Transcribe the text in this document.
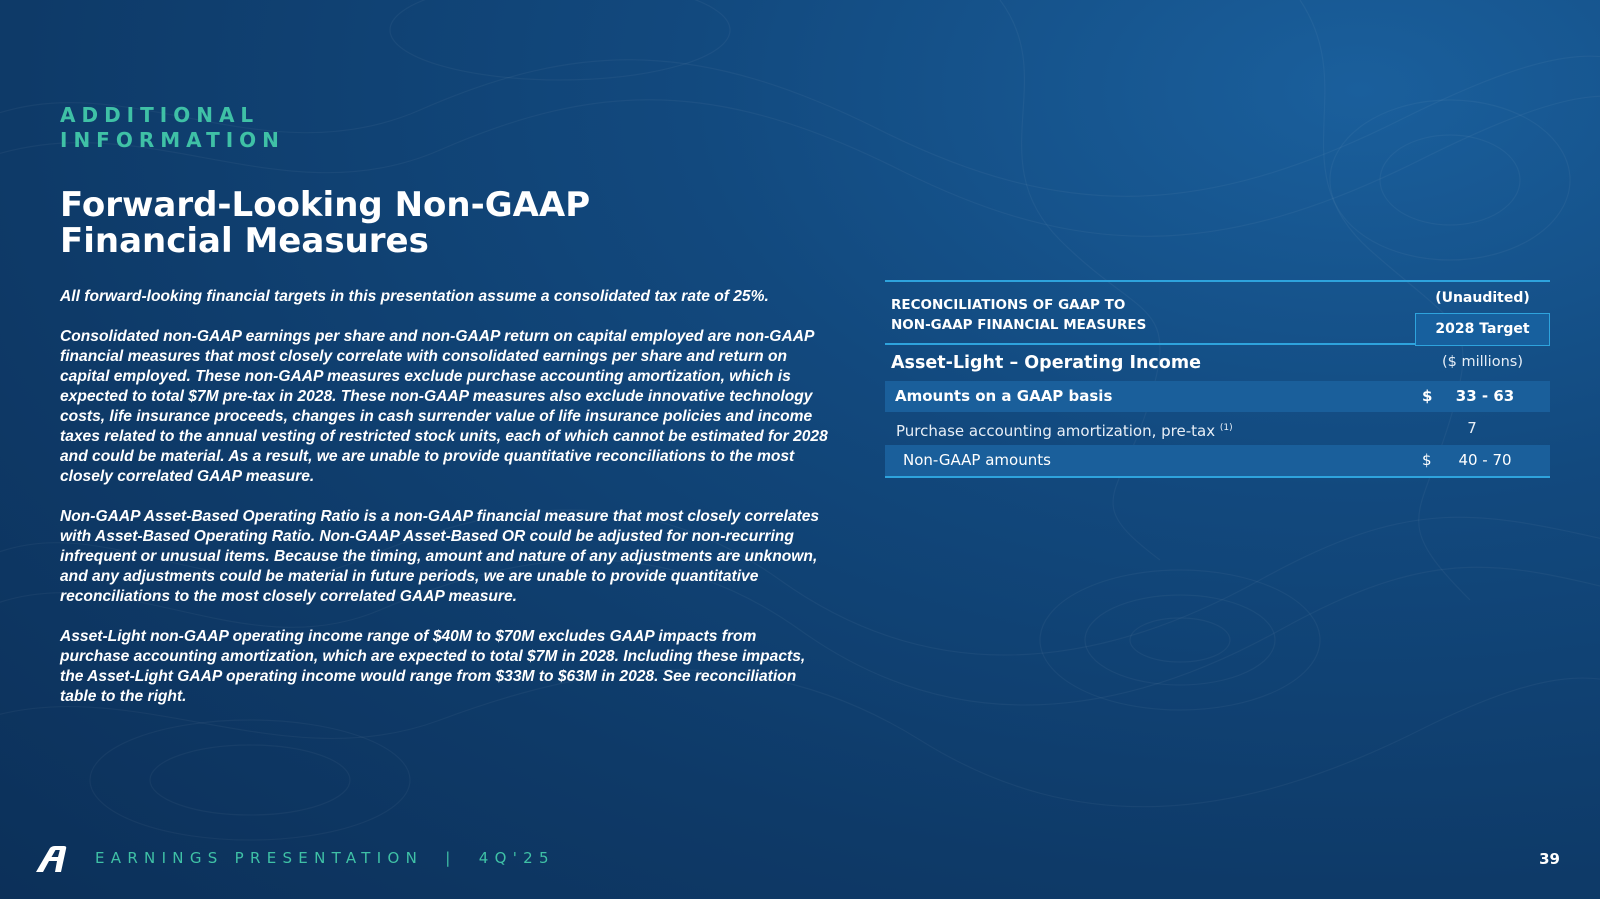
ADDITIONAL
INFORMATION
Forward-Looking Non-GAAP
Financial Measures

All forward-looking financial targets in this presentation assume a consolidated tax rate of 25%.

Consolidated non-GAAP earnings per share and non-GAAP return on capital employed are non-GAAP financial measures that most closely correlate with consolidated earnings per share and return on capital employed. These non-GAAP measures exclude purchase accounting amortization, which is expected to total $7M pre-tax in 2028. These non-GAAP measures also exclude innovative technology costs, life insurance proceeds, changes in cash surrender value of life insurance policies and income taxes related to the annual vesting of restricted stock units, each of which cannot be estimated for 2028 and could be material. As a result, we are unable to provide quantitative reconciliations to the most closely correlated GAAP measure.

Non-GAAP Asset-Based Operating Ratio is a non-GAAP financial measure that most closely correlates with Asset-Based Operating Ratio. Non-GAAP Asset-Based OR could be adjusted for non-recurring infrequent or unusual items. Because the timing, amount and nature of any adjustments are unknown, and any adjustments could be material in future periods, we are unable to provide quantitative reconciliations to the most closely correlated GAAP measure.

Asset-Light non-GAAP operating income range of $40M to $70M excludes GAAP impacts from purchase accounting amortization, which are expected to total $7M in 2028. Including these impacts, the Asset-Light GAAP operating income would range from $33M to $63M in 2028. See reconciliation table to the right.

RECONCILIATIONS OF GAAP TO
NON-GAAP FINANCIAL MEASURES
(Unaudited)
2028 Target
Asset-Light – Operating Income	($ millions)
Amounts on a GAAP basis	$	33 - 63
Purchase accounting amortization, pre-tax $^{(1)}$	7
Non-GAAP amounts	$	40 - 70
EARNINGS PRESENTATION  |  4Q'25	39
